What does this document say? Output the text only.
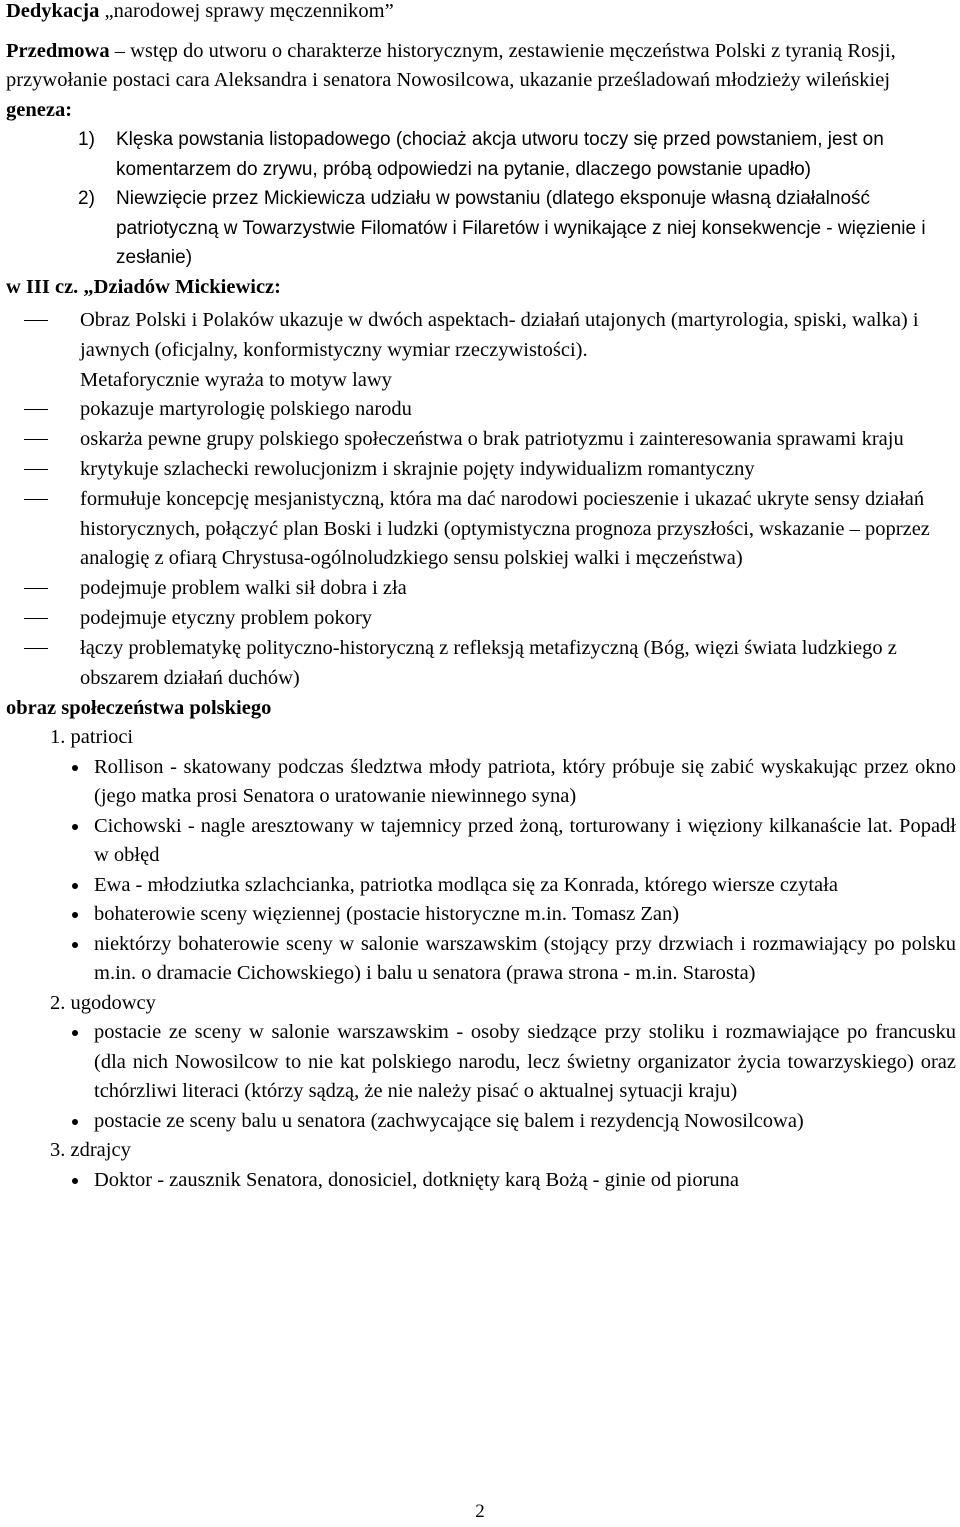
Dedykacja „narodowej sprawy męczennikom”

Przedmowa – wstęp do utworu o charakterze historycznym, zestawienie męczeństwa Polski z tyranią Rosji, przywołanie postaci cara Aleksandra i senatora Nowosilcowa, ukazanie prześladowań młodzieży wileńskiej

geneza:

1) Klęska powstania listopadowego (chociaż akcja utworu toczy się przed powstaniem, jest on komentarzem do zrywu, próbą odpowiedzi na pytanie, dlaczego powstanie upadło)
2) Niewzięcie przez Mickiewicza udziału w powstaniu (dlatego eksponuje własną działalność patriotyczną w Towarzystwie Filomatów i Filaretów i wynikające z niej konsekwencje - więzienie i zesłanie)

w III cz. „Dziadów Mickiewicz:

Obraz Polski i Polaków ukazuje w dwóch aspektach- działań utajonych (martyrologia, spiski, walka) i jawnych (oficjalny, konformistyczny wymiar rzeczywistości).
Metaforycznie wyraża to motyw lawy
pokazuje martyrologię polskiego narodu
oskarża pewne grupy polskiego społeczeństwa o brak patriotyzmu i zainteresowania sprawami kraju
krytykuje szlachecki rewolucjonizm i skrajnie pojęty indywidualizm romantyczny
formułuje koncepcję mesjanistyczną, która ma dać narodowi pocieszenie i ukazać ukryte sensy działań historycznych, połączyć plan Boski i ludzki (optymistyczna prognoza przyszłości, wskazanie – poprzez analogię z ofiarą Chrystusa-ogólnoludzkiego sensu polskiej walki i męczeństwa)
podejmuje problem walki sił dobra i zła
podejmuje etyczny problem pokory
łączy problematykę polityczno-historyczną z refleksją metafizyczną (Bóg, więzi świata ludzkiego z obszarem działań duchów)

obraz społeczeństwa polskiego

1. patrioci

Rollison - skatowany podczas śledztwa młody patriota, który próbuje się zabić wyskakując przez okno (jego matka prosi Senatora o uratowanie niewinnego syna)
Cichowski - nagle aresztowany w tajemnicy przed żoną, torturowany i więziony kilkanaście lat. Popadł w obłęd
Ewa - młodziutka szlachcianka, patriotka modląca się za Konrada, którego wiersze czytała
bohaterowie sceny więziennej (postacie historyczne m.in. Tomasz Zan)
niektórzy bohaterowie sceny w salonie warszawskim (stojący przy drzwiach i rozmawiający po polsku m.in. o dramacie Cichowskiego) i balu u senatora (prawa strona - m.in. Starosta)

2. ugodowcy

postacie ze sceny w salonie warszawskim - osoby siedzące przy stoliku i rozmawiające po francusku (dla nich Nowosilcow to nie kat polskiego narodu, lecz świetny organizator życia towarzyskiego) oraz tchórzliwi literaci (którzy sądzą, że nie należy pisać o aktualnej sytuacji kraju)
postacie ze sceny balu u senatora (zachwycające się balem i rezydencją Nowosilcowa)

3. zdrajcy

Doktor - zausznik Senatora, donosiciel, dotknięty karą Bożą - ginie od pioruna
2
